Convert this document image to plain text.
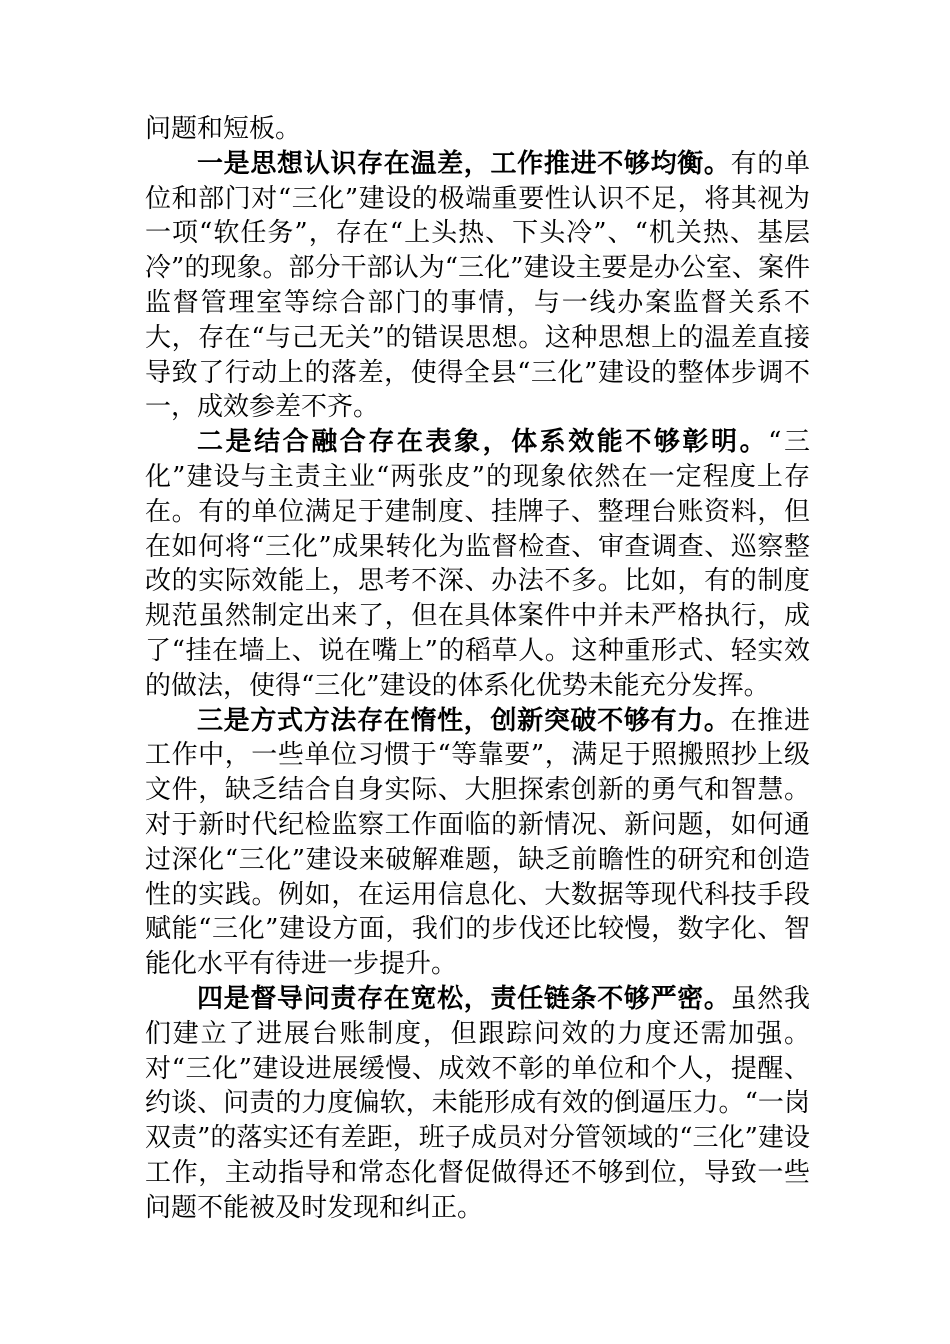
问题和短板。

一是思想认识存在温差，工作推进不够均衡。有的单位和部门对“三化”建设的极端重要性认识不足，将其视为一项“软任务”，存在“上头热、下头冷”、“机关热、基层冷”的现象。部分干部认为“三化”建设主要是办公室、案件监督管理室等综合部门的事情，与一线办案监督关系不大，存在“与己无关”的错误思想。这种思想上的温差直接导致了行动上的落差，使得全县“三化”建设的整体步调不一，成效参差不齐。

二是结合融合存在表象，体系效能不够彰明。“三化”建设与主责主业“两张皮”的现象依然在一定程度上存在。有的单位满足于建制度、挂牌子、整理台账资料，但在如何将“三化”成果转化为监督检查、审查调查、巡察整改的实际效能上，思考不深、办法不多。比如，有的制度规范虽然制定出来了，但在具体案件中并未严格执行，成了“挂在墙上、说在嘴上”的稻草人。这种重形式、轻实效的做法，使得“三化”建设的体系化优势未能充分发挥。

三是方式方法存在惰性，创新突破不够有力。在推进工作中，一些单位习惯于“等靠要”，满足于照搬照抄上级文件，缺乏结合自身实际、大胆探索创新的勇气和智慧。对于新时代纪检监察工作面临的新情况、新问题，如何通过深化“三化”建设来破解难题，缺乏前瞻性的研究和创造性的实践。例如，在运用信息化、大数据等现代科技手段赋能“三化”建设方面，我们的步伐还比较慢，数字化、智能化水平有待进一步提升。

四是督导问责存在宽松，责任链条不够严密。虽然我们建立了进展台账制度，但跟踪问效的力度还需加强。对“三化”建设进展缓慢、成效不彰的单位和个人，提醒、约谈、问责的力度偏软，未能形成有效的倒逼压力。“一岗双责”的落实还有差距，班子成员对分管领域的“三化”建设工作，主动指导和常态化督促做得还不够到位，导致一些问题不能被及时发现和纠正。
